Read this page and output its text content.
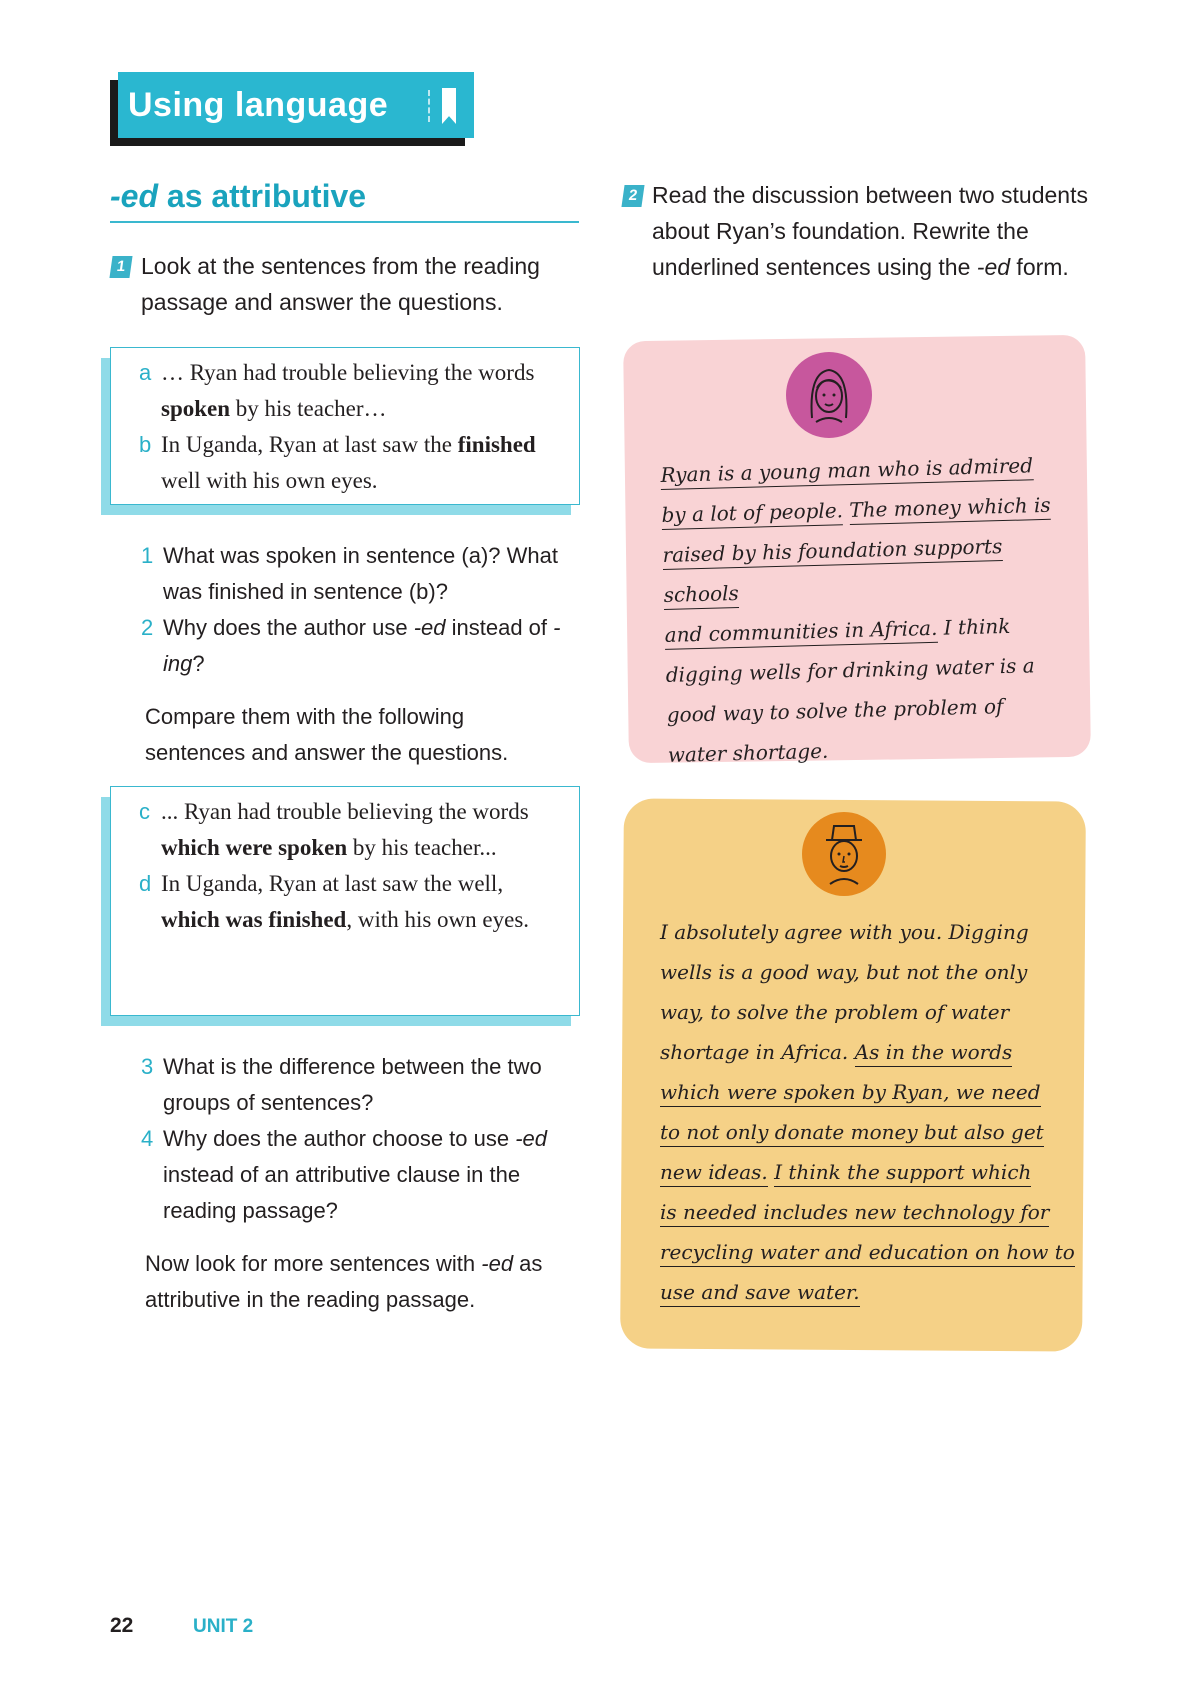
Using language
-ed as attributive
1 Look at the sentences from the reading passage and answer the questions.
a … Ryan had trouble believing the words spoken by his teacher…
b In Uganda, Ryan at last saw the finished well with his own eyes.
1 What was spoken in sentence (a)? What was finished in sentence (b)?
2 Why does the author use -ed instead of -ing?
Compare them with the following sentences and answer the questions.
c ... Ryan had trouble believing the words which were spoken by his teacher...
d In Uganda, Ryan at last saw the well, which was finished, with his own eyes.
3 What is the difference between the two groups of sentences?
4 Why does the author choose to use -ed instead of an attributive clause in the reading passage?
Now look for more sentences with -ed as attributive in the reading passage.
2 Read the discussion between two students about Ryan’s foundation. Rewrite the underlined sentences using the -ed form.
Ryan is a young man who is admired
by a lot of people. The money which is
raised by his foundation supports schools
and communities in Africa. I think
digging wells for drinking water is a
good way to solve the problem of
water shortage.
I absolutely agree with you. Digging
wells is a good way, but not the only
way, to solve the problem of water
shortage in Africa. As in the words
which were spoken by Ryan, we need
to not only donate money but also get
new ideas. I think the support which
is needed includes new technology for
recycling water and education on how to
use and save water.
22	UNIT 2
